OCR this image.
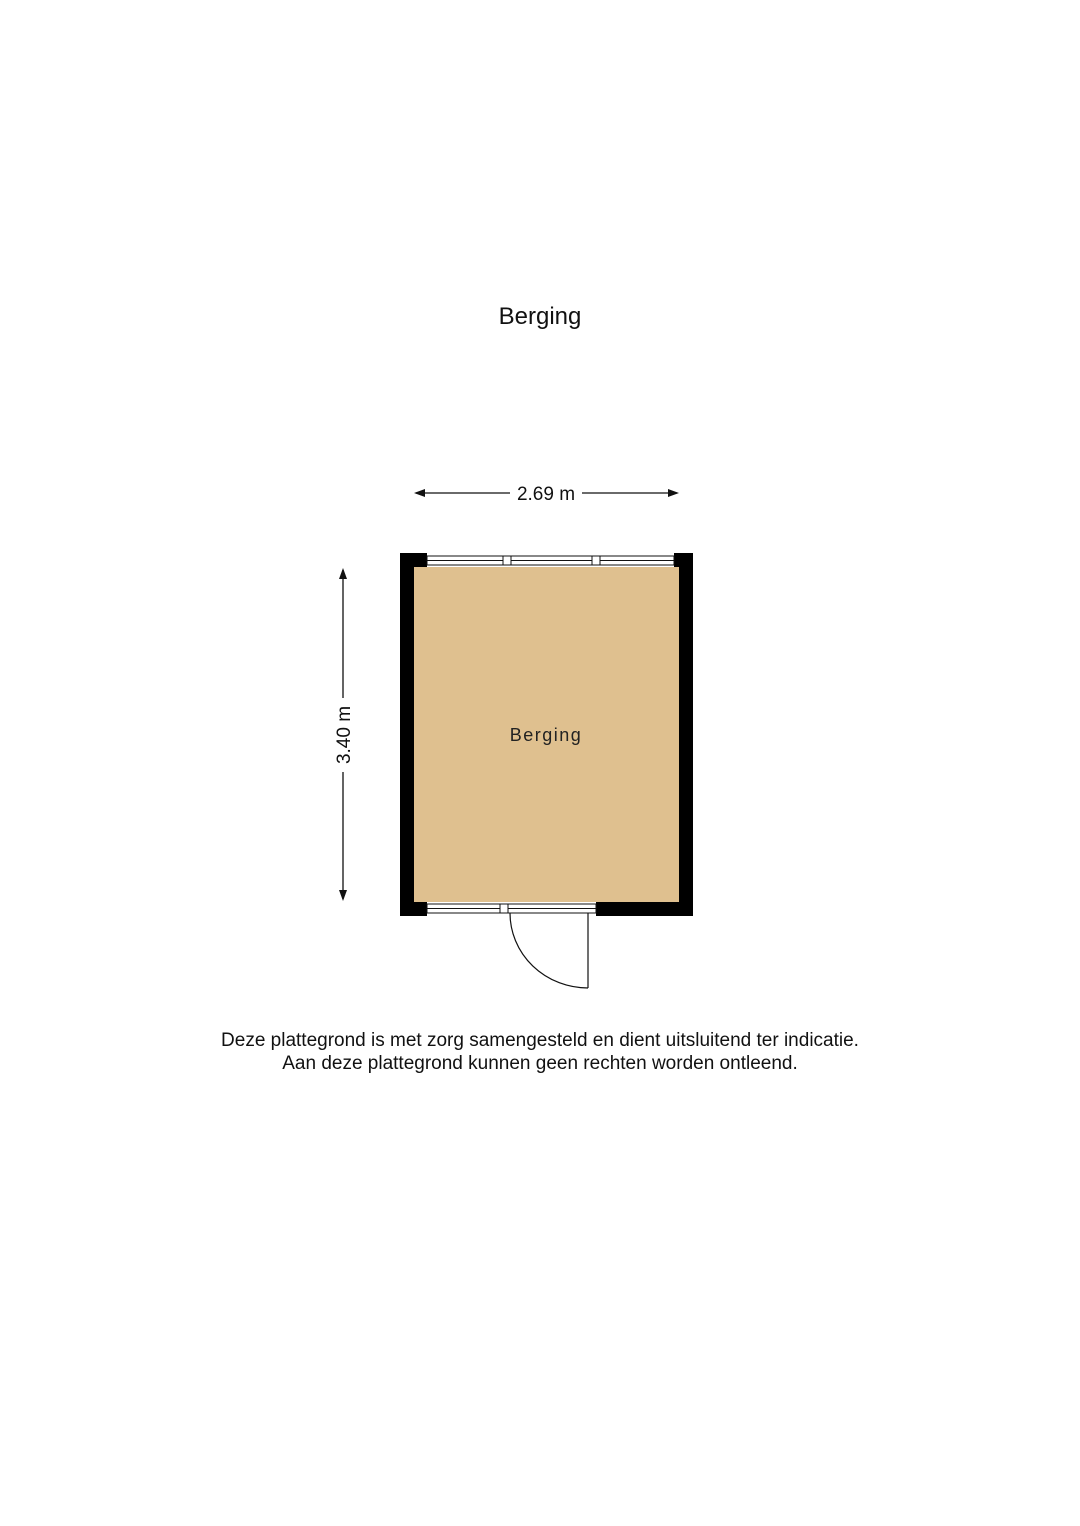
Berging
2.69 m
3.40 m	Berging
Deze plattegrond is met zorg samengesteld en dient uitsluitend ter indicatie.
Aan deze plattegrond kunnen geen rechten worden ontleend.
